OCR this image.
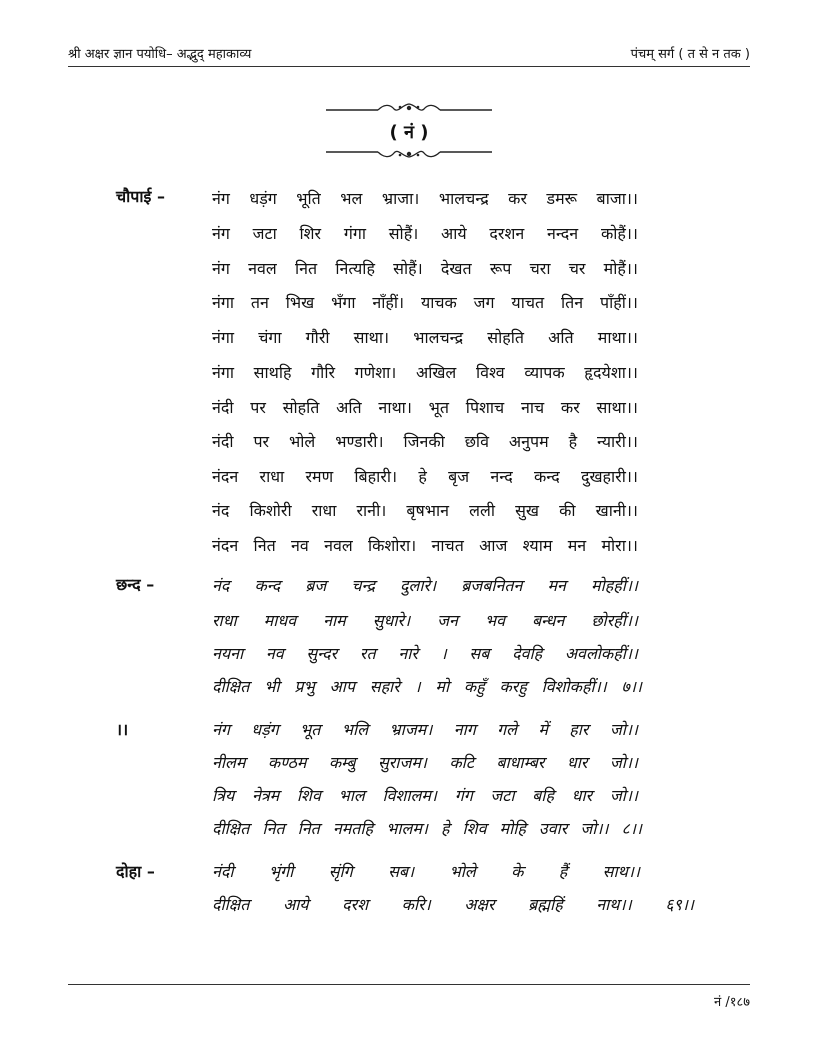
श्री अक्षर ज्ञान पयोधि– अद्भुद् महाकाव्य	पंचम् सर्ग ( त से न तक )
( नं )
चौपाई –	नंग धड़ंग भूति भल भ्राजा। भालचन्द्र कर डमरू बाजा।।
नंग जटा शिर गंगा सोहैं। आये दरशन नन्दन कोहैं।।
नंग नवल नित नित्यहि सोहैं। देखत रूप चरा चर मोहैं।।
नंगा तन भिख भँगा नाँहीं। याचक जग याचत तिन पाँहीं।।
नंगा चंगा गौरी साथा। भालचन्द्र सोहति अति माथा।।
नंगा साथहि गौरि गणेशा। अखिल विश्व व्यापक हृदयेशा।।
नंदी पर सोहति अति नाथा। भूत पिशाच नाच कर साथा।।
नंदी पर भोले भण्डारी। जिनकी छवि अनुपम है न्यारी।।
नंदन राधा रमण बिहारी। हे बृज नन्द कन्द दुखहारी।।
नंद किशोरी राधा रानी। बृषभान लली सुख की खानी।।
नंदन नित नव नवल किशोरा। नाचत आज श्याम मन मोरा।।
छन्द –	नंद कन्द ब्रज चन्द्र दुलारे। ब्रजबनितन मन मोहहीं।।
राधा माधव नाम सुधारे। जन भव बन्धन छोरहीं।।
नयना नव सुन्दर रत नारे । सब देवहि अवलोकहीं।।
दीक्षित भी प्रभु आप सहारे । मो कहुँ करहु विशोकहीं।। ७।।
।।	नंग धड़ंग भूत भलि भ्राजम। नाग गले में हार जो।।
नीलम कण्ठम कम्बु सुराजम। कटि बाधाम्बर धार जो।।
त्रिय नेत्रम शिव भाल विशालम। गंग जटा बहि धार जो।।
दीक्षित नित नित नमतहि भालम। हे शिव मोहि उवार जो।। ८।।
दोहा –	नंदी भृंगी सृंगि सब। भोले के हैं साथ।।
दीक्षित आये दरश करि। अक्षर ब्रह्महिं नाथ।। ६९।।
नं /१८७
